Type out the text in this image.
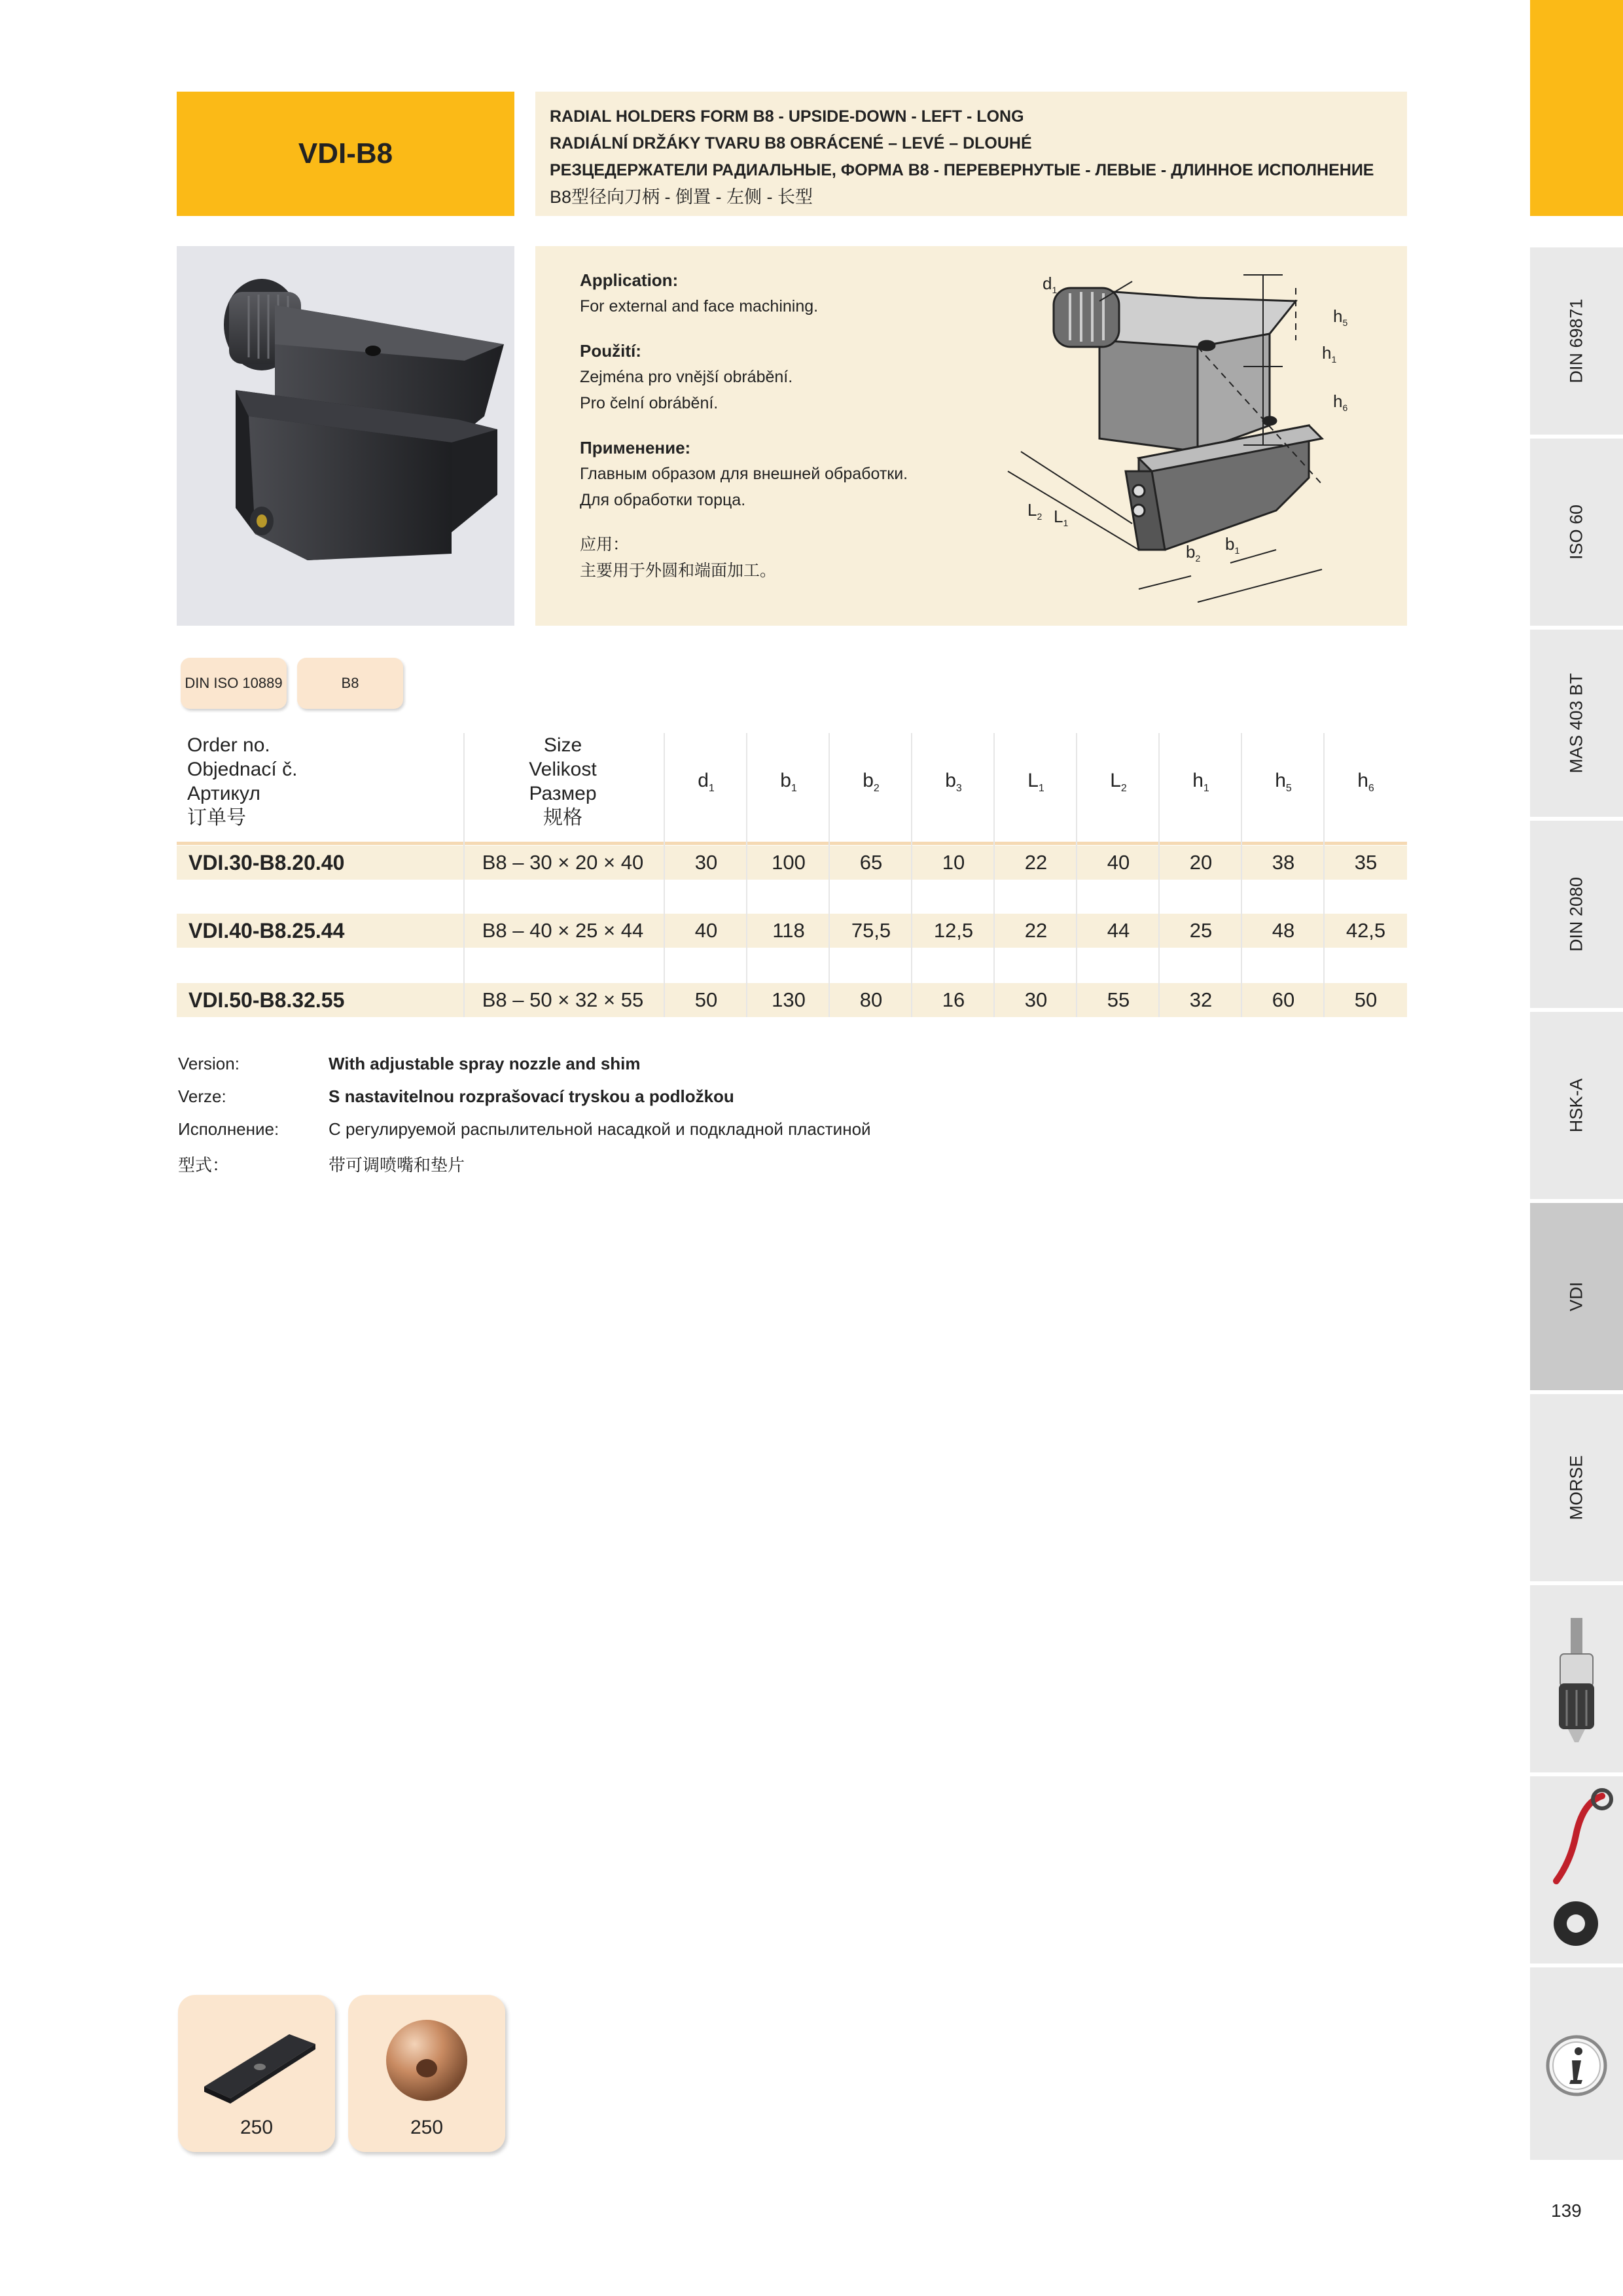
VDI-B8
RADIAL HOLDERS FORM B8 - UPSIDE-DOWN - LEFT - LONG
RADIÁLNÍ DRŽÁKY TVARU B8 OBRÁCENÉ – LEVÉ – DLOUHÉ
РЕЗЦЕДЕРЖАТЕЛИ РАДИАЛЬНЫЕ, ФОРМА B8 - ПЕРЕВЕРНУТЫЕ - ЛЕВЫЕ - ДЛИННОЕ ИСПОЛНЕНИЕ
B8型径向刀柄 - 倒置 - 左侧 - 长型
Application:
For external and face machining.
Použití:
Zejména pro vnější obrábění.
Pro čelní obrábění.
Применение:
Главным образом для внешней обработки.
Для обработки торца.
应用：
主要用于外圆和端面加工。
$d_1$
$h_5$
$h_1$
$h_6$
$L_2$ $L_1$
$b_2$
$b_1$
DIN ISO 10889	B8
Order no.
Objednací č.
Артикул
订单号
Size
Velikost
Размер
规格
$d_1$	$b_1$	$b_2$	$b_3$	$L_1$	$L_2$	$h_1$	$h_5$	$h_6$
VDI.30-B8.20.40	B8 – 30 × 20 × 40	30	100	65	10	22	40	20	38	35
VDI.40-B8.25.44	B8 – 40 × 25 × 44	40	118	75,5	12,5	22	44	25	48	42,5
VDI.50-B8.32.55	B8 – 50 × 32 × 55	50	130	80	16	30	55	32	60	50
Version:	With adjustable spray nozzle and shim
Verze:	S nastavitelnou rozprašovací tryskou a podložkou
Исполнение:	С регулируемой распылительной насадкой и подкладной пластиной
型式：	带可调喷嘴和垫片
250	250
DIN 69871
ISO 60
MAS 403 BT
DIN 2080
HSK-A
VDI
MORSE
139
